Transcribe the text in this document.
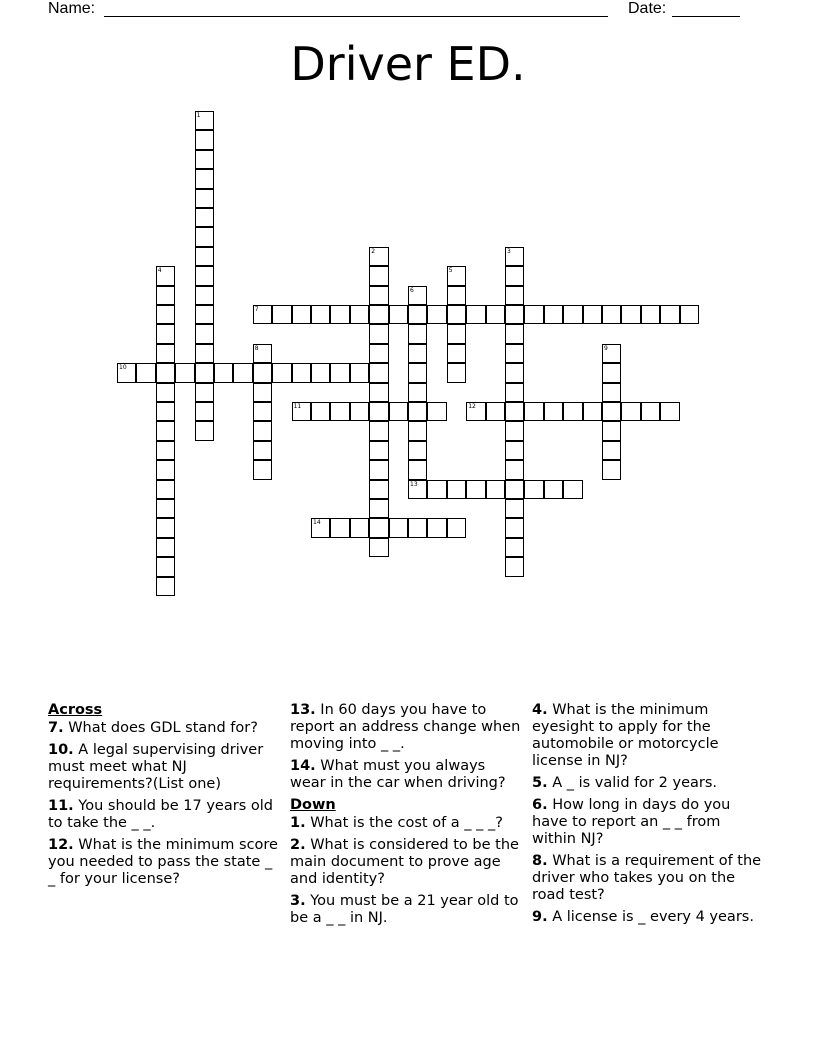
Name:	Date:
Driver ED.
1
2	3
4	5
6
7
8	9
10
11	12
13
14
Across
7. What does GDL stand for?
10. A legal supervising driver must meet what NJ requirements?(List one)
11. You should be 17 years old to take the _ _.
12. What is the minimum score you needed to pass the state _ _ for your license?
13. In 60 days you have to report an address change when moving into _ _.
14. What must you always wear in the car when driving?
Down
1. What is the cost of a _ _ _?
2. What is considered to be the main document to prove age and identity?
3. You must be a 21 year old to be a _ _ in NJ.
4. What is the minimum eyesight to apply for the automobile or motorcycle license in NJ?
5. A _ is valid for 2 years.
6. How long in days do you have to report an _ _ from within NJ?
8. What is a requirement of the driver who takes you on the road test?
9. A license is _ every 4 years.
